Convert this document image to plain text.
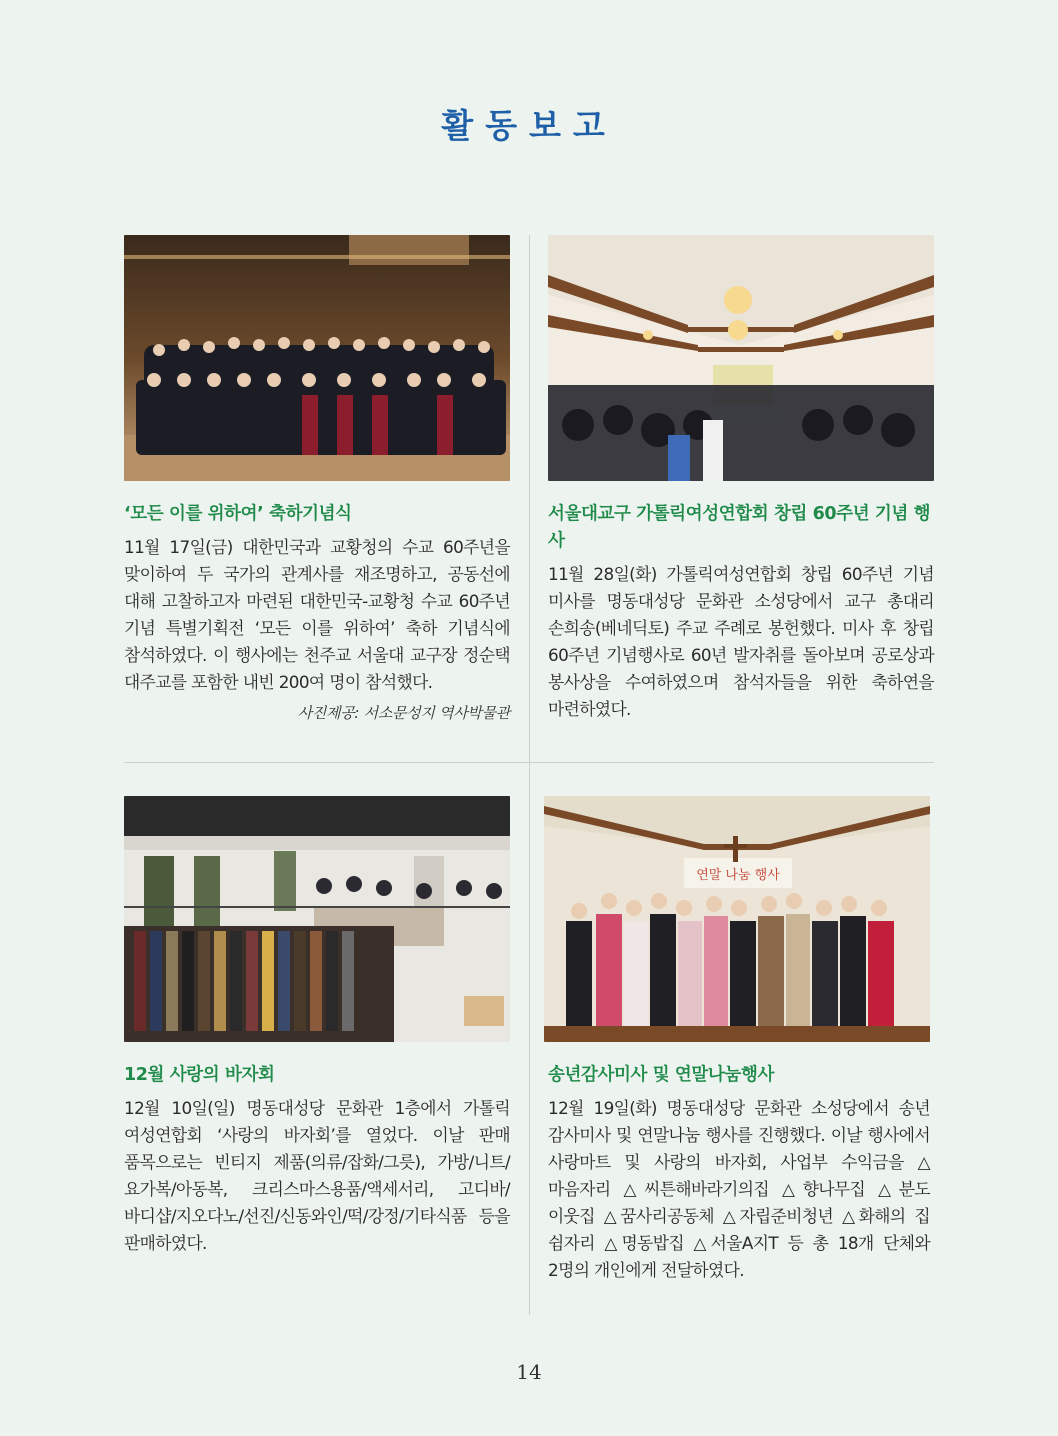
활동보고
‘모든 이를 위하여’ 축하기념식
11월 17일(금) 대한민국과 교황청의 수교 60주년을 맞이하여 두 국가의 관계사를 재조명하고, 공동선에 대해 고찰하고자 마련된 대한민국-교황청 수교 60주년 기념 특별기획전 ‘모든 이를 위하여’ 축하 기념식에 참석하였다. 이 행사에는 천주교 서울대 교구장 정순택 대주교를 포함한 내빈 200여 명이 참석했다.
사진제공: 서소문성지 역사박물관
서울대교구 가톨릭여성연합회 창립 60주년 기념 행사
11월 28일(화) 가톨릭여성연합회 창립 60주년 기념 미사를 명동대성당 문화관 소성당에서 교구 총대리 손희송(베네딕토) 주교 주례로 봉헌했다. 미사 후 창립 60주년 기념행사로 60년 발자취를 돌아보며 공로상과 봉사상을 수여하였으며 참석자들을 위한 축하연을 마련하였다.
12월 사랑의 바자회
12월 10일(일) 명동대성당 문화관 1층에서 가톨릭 여성연합회 ‘사랑의 바자회’를 열었다. 이날 판매 품목으로는 빈티지 제품(의류/잡화/그릇), 가방/니트/요가복/아동복, 크리스마스용품/액세서리, 고디바/바디샵/지오다노/선진/신동와인/떡/강정/기타식품 등을 판매하였다.
연말 나눔 행사
송년감사미사 및 연말나눔행사
12월 19일(화) 명동대성당 문화관 소성당에서 송년 감사미사 및 연말나눔 행사를 진행했다. 이날 행사에서 사랑마트 및 사랑의 바자회, 사업부 수익금을 △마음자리 △씨튼해바라기의집 △향나무집 △분도 이웃집 △꿈사리공동체 △자립준비청년 △화해의 집 쉼자리 △명동밥집 △서울A지T 등 총 18개 단체와 2명의 개인에게 전달하였다.
14
